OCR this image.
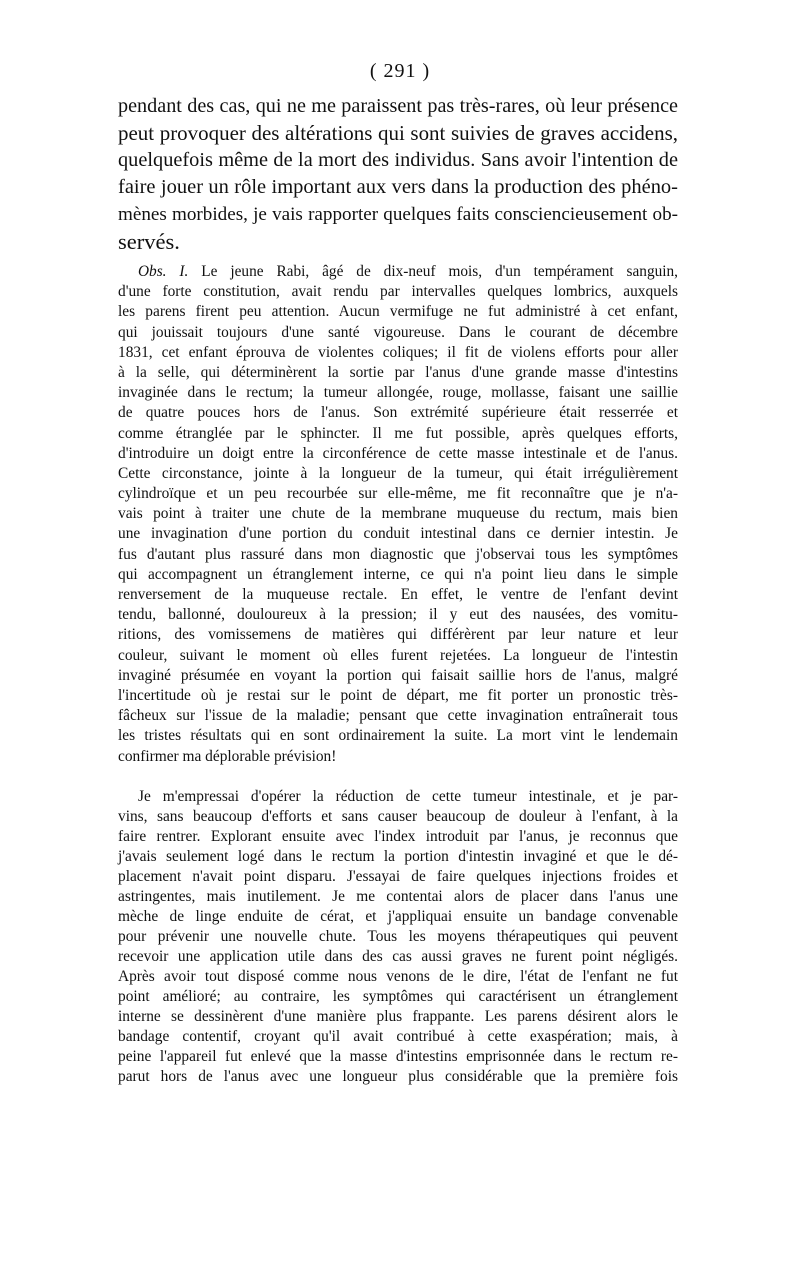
( 291 )
pendant des cas, qui ne me paraissent pas très-rares, où leur présence
peut provoquer des altérations qui sont suivies de graves accidens,
quelquefois même de la mort des individus. Sans avoir l'intention de
faire jouer un rôle important aux vers dans la production des phéno-
mènes morbides, je vais rapporter quelques faits consciencieusement ob-
servés.
Obs. I. Le jeune Rabi, âgé de dix-neuf mois, d'un tempérament sanguin,
d'une forte constitution, avait rendu par intervalles quelques lombrics, auxquels
les parens firent peu attention. Aucun vermifuge ne fut administré à cet enfant,
qui jouissait toujours d'une santé vigoureuse. Dans le courant de décembre
1831, cet enfant éprouva de violentes coliques; il fit de violens efforts pour aller
à la selle, qui déterminèrent la sortie par l'anus d'une grande masse d'intestins
invaginée dans le rectum; la tumeur allongée, rouge, mollasse, faisant une saillie
de quatre pouces hors de l'anus. Son extrémité supérieure était resserrée et
comme étranglée par le sphincter. Il me fut possible, après quelques efforts,
d'introduire un doigt entre la circonférence de cette masse intestinale et de l'anus.
Cette circonstance, jointe à la longueur de la tumeur, qui était irrégulièrement
cylindroïque et un peu recourbée sur elle-même, me fit reconnaître que je n'a-
vais point à traiter une chute de la membrane muqueuse du rectum, mais bien
une invagination d'une portion du conduit intestinal dans ce dernier intestin. Je
fus d'autant plus rassuré dans mon diagnostic que j'observai tous les symptômes
qui accompagnent un étranglement interne, ce qui n'a point lieu dans le simple
renversement de la muqueuse rectale. En effet, le ventre de l'enfant devint
tendu, ballonné, douloureux à la pression; il y eut des nausées, des vomitu-
ritions, des vomissemens de matières qui différèrent par leur nature et leur
couleur, suivant le moment où elles furent rejetées. La longueur de l'intestin
invaginé présumée en voyant la portion qui faisait saillie hors de l'anus, malgré
l'incertitude où je restai sur le point de départ, me fit porter un pronostic très-
fâcheux sur l'issue de la maladie; pensant que cette invagination entraînerait tous
les tristes résultats qui en sont ordinairement la suite. La mort vint le lendemain
confirmer ma déplorable prévision!
Je m'empressai d'opérer la réduction de cette tumeur intestinale, et je par-
vins, sans beaucoup d'efforts et sans causer beaucoup de douleur à l'enfant, à la
faire rentrer. Explorant ensuite avec l'index introduit par l'anus, je reconnus que
j'avais seulement logé dans le rectum la portion d'intestin invaginé et que le dé-
placement n'avait point disparu. J'essayai de faire quelques injections froides et
astringentes, mais inutilement. Je me contentai alors de placer dans l'anus une
mèche de linge enduite de cérat, et j'appliquai ensuite un bandage convenable
pour prévenir une nouvelle chute. Tous les moyens thérapeutiques qui peuvent
recevoir une application utile dans des cas aussi graves ne furent point négligés.
Après avoir tout disposé comme nous venons de le dire, l'état de l'enfant ne fut
point amélioré; au contraire, les symptômes qui caractérisent un étranglement
interne se dessinèrent d'une manière plus frappante. Les parens désirent alors le
bandage contentif, croyant qu'il avait contribué à cette exaspération; mais, à
peine l'appareil fut enlevé que la masse d'intestins emprisonnée dans le rectum re-
parut hors de l'anus avec une longueur plus considérable que la première fois
